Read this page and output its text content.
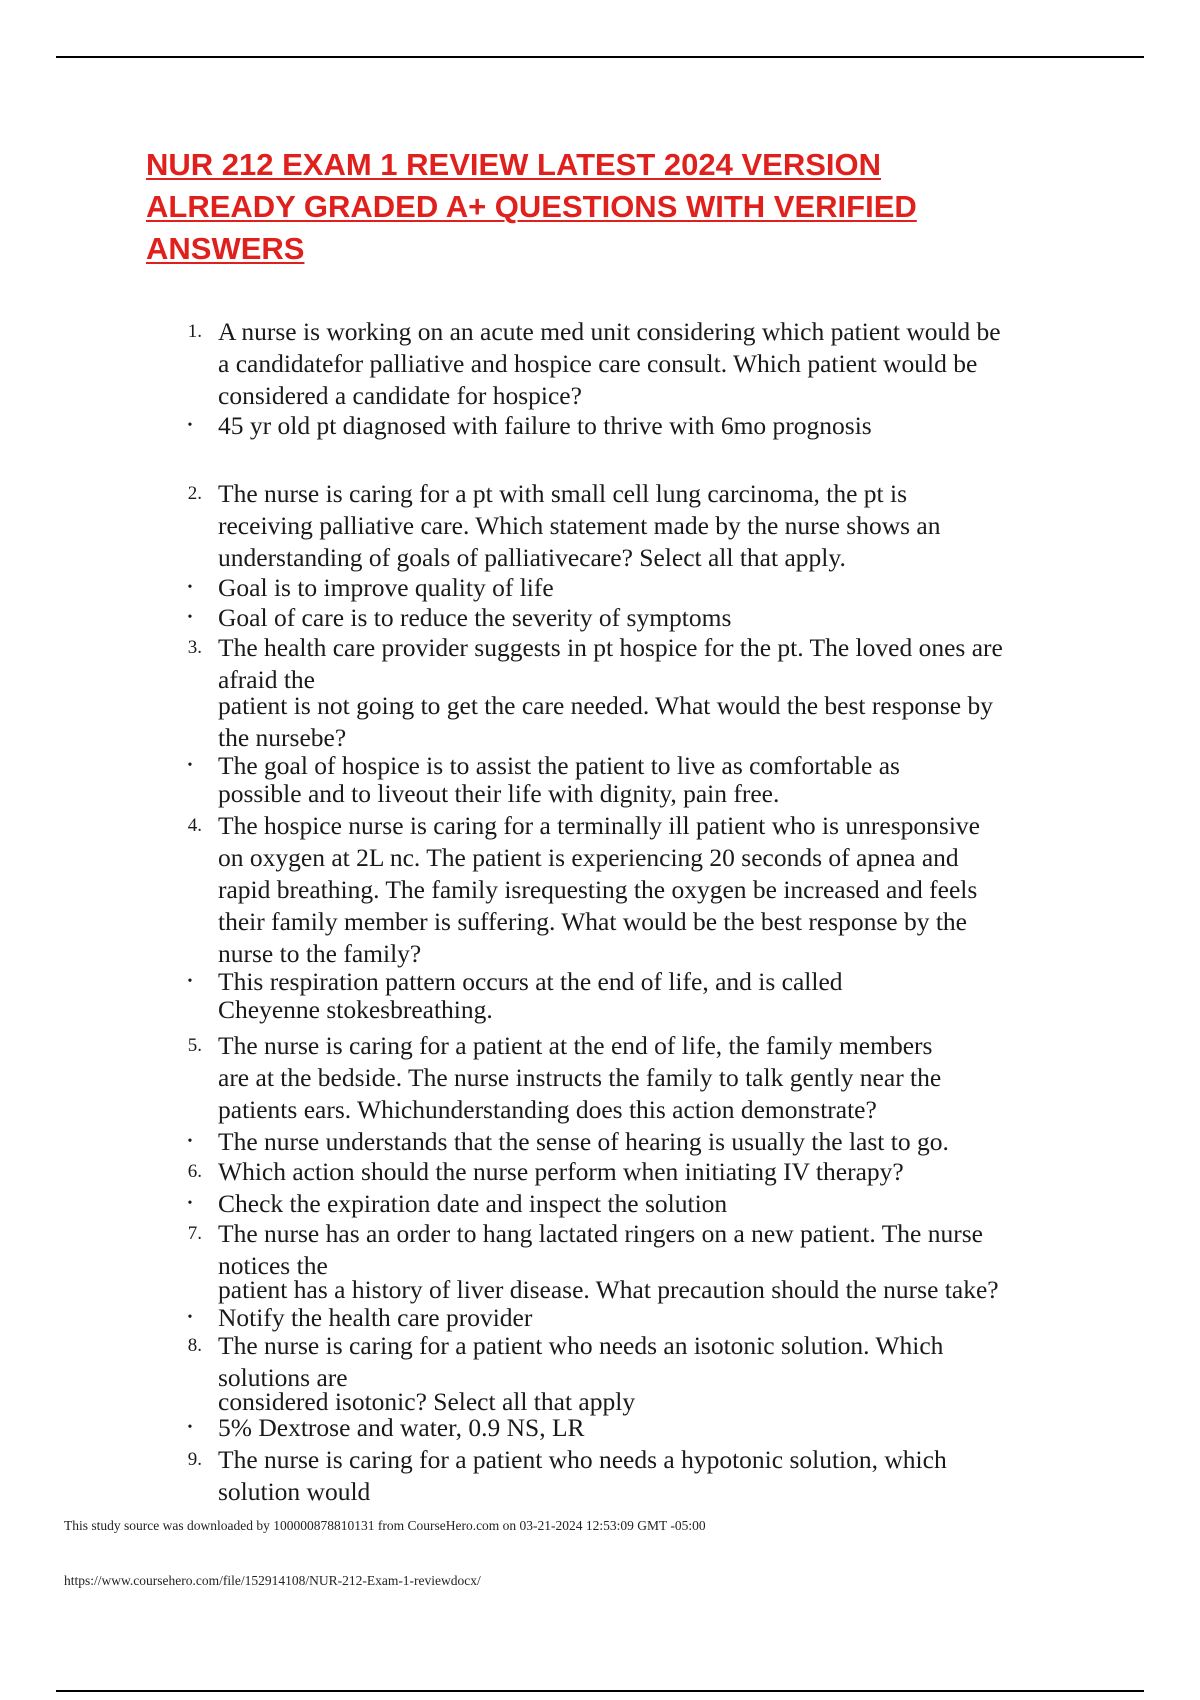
NUR 212 EXAM 1 REVIEW LATEST 2024 VERSION
ALREADY GRADED A+ QUESTIONS WITH VERIFIED
ANSWERS
1. A nurse is working on an acute med unit considering which patient would be
a candidatefor palliative and hospice care consult. Which patient would be
considered a candidate for hospice?
• 45 yr old pt diagnosed with failure to thrive with 6mo prognosis
2. The nurse is caring for a pt with small cell lung carcinoma, the pt is
receiving palliative care. Which statement made by the nurse shows an
understanding of goals of palliativecare? Select all that apply.
• Goal is to improve quality of life
• Goal of care is to reduce the severity of symptoms
3. The health care provider suggests in pt hospice for the pt. The loved ones are
afraid the
patient is not going to get the care needed. What would the best response by
the nursebe?
• The goal of hospice is to assist the patient to live as comfortable as
possible and to liveout their life with dignity, pain free.
4. The hospice nurse is caring for a terminally ill patient who is unresponsive
on oxygen at 2L nc. The patient is experiencing 20 seconds of apnea and
rapid breathing. The family isrequesting the oxygen be increased and feels
their family member is suffering. What would be the best response by the
nurse to the family?
• This respiration pattern occurs at the end of life, and is called
Cheyenne stokesbreathing.
5. The nurse is caring for a patient at the end of life, the family members
are at the bedside. The nurse instructs the family to talk gently near the
patients ears. Whichunderstanding does this action demonstrate?
• The nurse understands that the sense of hearing is usually the last to go.
6. Which action should the nurse perform when initiating IV therapy?
• Check the expiration date and inspect the solution
7. The nurse has an order to hang lactated ringers on a new patient. The nurse
notices the
patient has a history of liver disease. What precaution should the nurse take?
• Notify the health care provider
8. The nurse is caring for a patient who needs an isotonic solution. Which
solutions are
considered isotonic? Select all that apply
• 5% Dextrose and water, 0.9 NS, LR
9. The nurse is caring for a patient who needs a hypotonic solution, which
solution would
This study source was downloaded by 100000878810131 from CourseHero.com on 03-21-2024 12:53:09 GMT -05:00
https://www.coursehero.com/file/152914108/NUR-212-Exam-1-reviewdocx/
